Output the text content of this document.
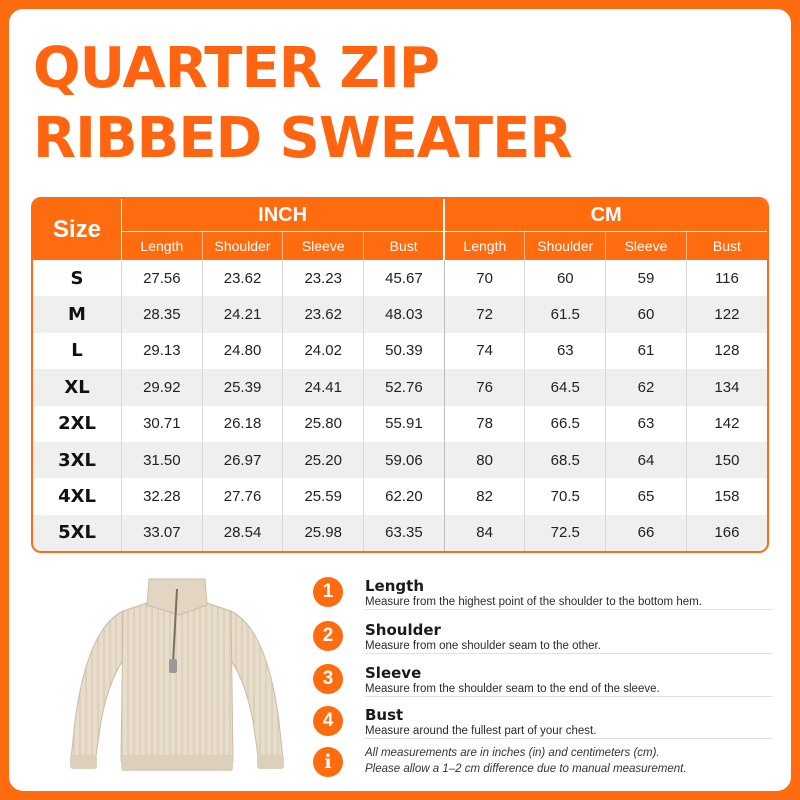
QUARTER ZIP
RIBBED SWEATER
Size	INCH				CM			
	Length	Shoulder	Sleeve	Bust	Length	Shoulder	Sleeve	Bust
S	27.56	23.62	23.23	45.67	70	60	59	116
M	28.35	24.21	23.62	48.03	72	61.5	60	122
L	29.13	24.80	24.02	50.39	74	63	61	128
XL	29.92	25.39	24.41	52.76	76	64.5	62	134
2XL	30.71	26.18	25.80	55.91	78	66.5	63	142
3XL	31.50	26.97	25.20	59.06	80	68.5	64	150
4XL	32.28	27.76	25.59	62.20	82	70.5	65	158
5XL	33.07	28.54	25.98	63.35	84	72.5	66	166
1	Length
Measure from the highest point of the shoulder to the bottom hem.
2	Shoulder
Measure from one shoulder seam to the other.
3	Sleeve
Measure from the shoulder seam to the end of the sleeve.
4	Bust
Measure around the fullest part of your chest.
i	All measurements are in inches (in) and centimeters (cm).
Please allow a 1–2 cm difference due to manual measurement.
